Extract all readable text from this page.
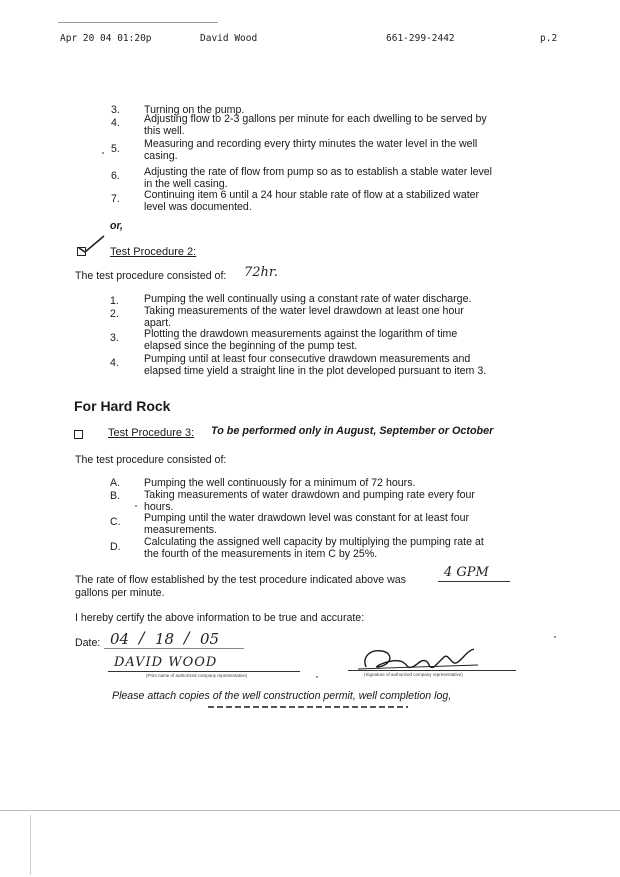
Apr 20 04 01:20p	David Wood	661-299-2442	p.2
3. Turning on the pump.
4. Adjusting flow to 2-3 gallons per minute for each dwelling to be served by
this well.
5. Measuring and recording every thirty minutes the water level in the well
casing.
6. Adjusting the rate of flow from pump so as to establish a stable water level
in the well casing.
7. Continuing item 6 until a 24 hour stable rate of flow at a stabilized water
level was documented.
or,
Test Procedure 2:
The test procedure consisted of: 72hr.
1. Pumping the well continually using a constant rate of water discharge.
2. Taking measurements of the water level drawdown at least one hour
apart.
3. Plotting the drawdown measurements against the logarithm of time
elapsed since the beginning of the pump test.
4. Pumping until at least four consecutive drawdown measurements and
elapsed time yield a straight line in the plot developed pursuant to item 3.
For Hard Rock
Test Procedure 3: To be performed only in August, September or October
The test procedure consisted of:
A. Pumping the well continuously for a minimum of 72 hours.
B. Taking measurements of water drawdown and pumping rate every four
hours.
C. Pumping until the water drawdown level was constant for at least four
measurements.
D. Calculating the assigned well capacity by multiplying the pumping rate at
the fourth of the measurements in item C by 25%.
The rate of flow established by the test procedure indicated above was	4 GPM
gallons per minute.
I hereby certify the above information to be true and accurate:
Date: 04 / 18 / 05
DAVID WOOD
(Print name of authorized company representative)	(Signature of authorized company representative)
Please attach copies of the well construction permit, well completion log,
